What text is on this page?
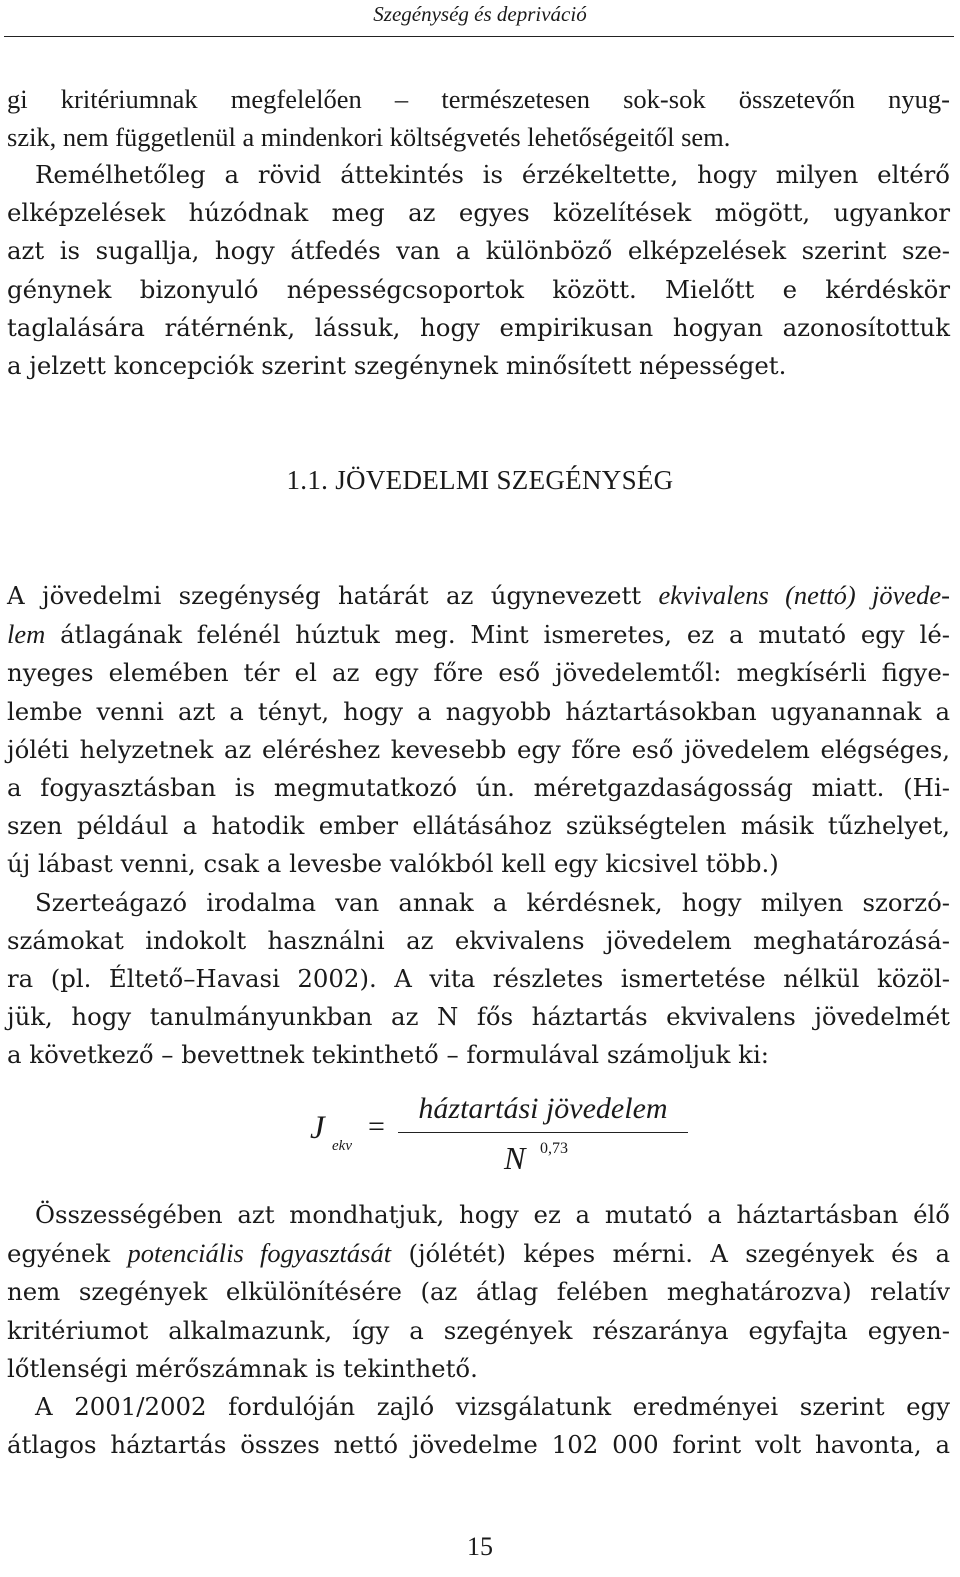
Szegénység és depriváció
gi kritériumnak megfelelően – természetesen sok-sok összetevőn nyug-
szik, nem függetlenül a mindenkori költségvetés lehetőségeitől sem.
Remélhetőleg a rövid áttekintés is érzékeltette, hogy milyen eltérő
elképzelések húzódnak meg az egyes közelítések mögött, ugyankor
azt is sugallja, hogy átfedés van a különböző elképzelések szerint sze-
génynek bizonyuló népességcsoportok között. Mielőtt e kérdéskör
taglalására rátérnénk, lássuk, hogy empirikusan hogyan azonosítottuk
a jelzett koncepciók szerint szegénynek minősített népességet.
1.1. JÖVEDELMI SZEGÉNYSÉG
A jövedelmi szegénység határát az úgynevezett ekvivalens (nettó) jövede-
lem átlagának felénél húztuk meg. Mint ismeretes, ez a mutató egy lé-
nyeges elemében tér el az egy főre eső jövedelemtől: megkísérli figye-
lembe venni azt a tényt, hogy a nagyobb háztartásokban ugyanannak a
jóléti helyzetnek az eléréshez kevesebb egy főre eső jövedelem elégséges,
a fogyasztásban is megmutatkozó ún. méretgazdaságosság miatt. (Hi-
szen például a hatodik ember ellátásához szükségtelen másik tűzhelyet,
új lábast venni, csak a levesbe valókból kell egy kicsivel több.)
Szerteágazó irodalma van annak a kérdésnek, hogy milyen szorzó-
számokat indokolt használni az ekvivalens jövedelem meghatározásá-
ra (pl. Éltető–Havasi 2002). A vita részletes ismertetése nélkül közöl-
jük, hogy tanulmányunkban az N fős háztartás ekvivalens jövedelmét
a következő – bevettnek tekinthető – formulával számoljuk ki:
J ekv
=
háztartási jövedelem
N 0,73
Összességében azt mondhatjuk, hogy ez a mutató a háztartásban élő
egyének potenciális fogyasztását (jólétét) képes mérni. A szegények és a
nem szegények elkülönítésére (az átlag felében meghatározva) relatív
kritériumot alkalmazunk, így a szegények részaránya egyfajta egyen-
lőtlenségi mérőszámnak is tekinthető.
A 2001/2002 fordulóján zajló vizsgálatunk eredményei szerint egy
átlagos háztartás összes nettó jövedelme 102 000 forint volt havonta, a
15
